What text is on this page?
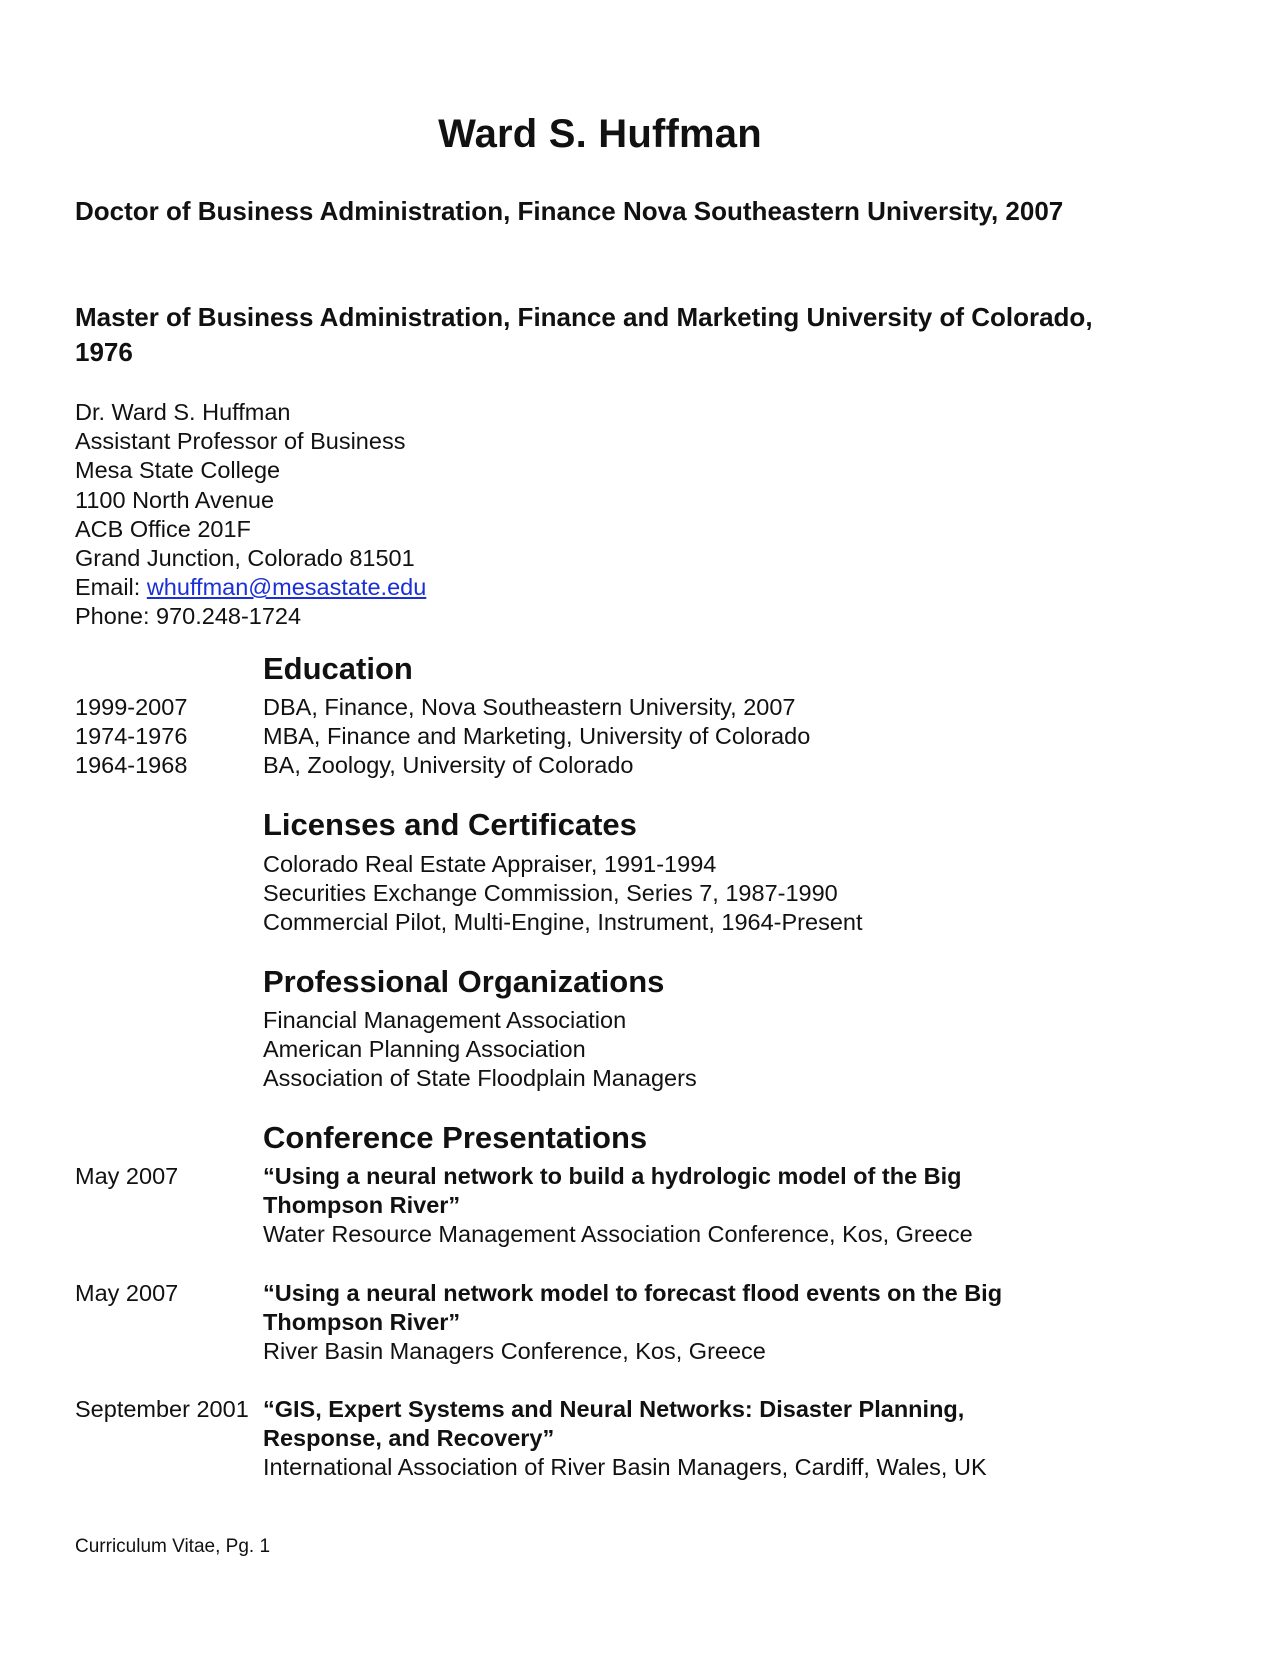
Ward S. Huffman
Doctor of Business Administration, Finance Nova Southeastern University, 2007
Master of Business Administration, Finance and Marketing University of Colorado, 1976
Dr. Ward S. Huffman
Assistant Professor of Business
Mesa State College
1100 North Avenue
ACB Office 201F
Grand Junction, Colorado 81501
Email: whuffman@mesastate.edu
Phone: 970.248-1724
Education
1999-2007	DBA, Finance, Nova Southeastern University, 2007
1974-1976	MBA, Finance and Marketing, University of Colorado
1964-1968	BA, Zoology, University of Colorado
Licenses and Certificates
Colorado Real Estate Appraiser, 1991-1994
Securities Exchange Commission, Series 7, 1987-1990
Commercial Pilot, Multi-Engine, Instrument, 1964-Present
Professional Organizations
Financial Management Association
American Planning Association
Association of State Floodplain Managers
Conference Presentations
May 2007	“Using a neural network to build a hydrologic model of the Big Thompson River”
Water Resource Management Association Conference, Kos, Greece
May 2007	“Using a neural network model to forecast flood events on the Big Thompson River”
River Basin Managers Conference, Kos, Greece
September 2001 “GIS, Expert Systems and Neural Networks: Disaster Planning, Response, and Recovery”
International Association of River Basin Managers, Cardiff, Wales, UK
Curriculum Vitae, Pg. 1
